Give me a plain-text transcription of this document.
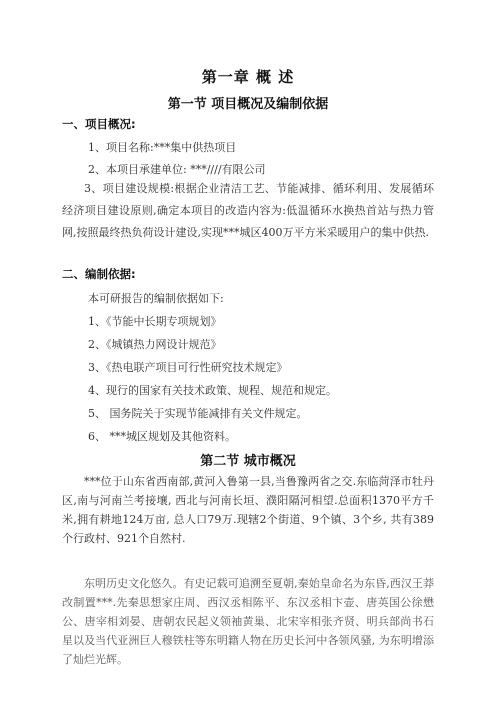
第一章 概 述
第一节 项目概况及编制依据
一、项目概况:
1、项目名称:***集中供热项目
2、本项目承建单位: ***////有限公司

3、项目建设规模:根据企业清洁工艺、节能减排、循环利用、发展循环经济项目建设原则,确定本项目的改造内容为:低温循环水换热首站与热力管网,按照最终热负荷设计建设,实现***城区400万平方米采暖用户的集中供热.

二、编制依据:
本可研报告的编制依据如下:
1、《节能中长期专项规划》
2、《城镇热力网设计规范》
3、《热电联产项目可行性研究技术规定》
4、现行的国家有关技术政策、规程、规范和规定。
5、 国务院关于实现节能减排有关文件规定。
6、 ***城区规划及其他资料。
第二节 城市概况

***位于山东省西南部,黄河入鲁第一县,当鲁豫两省之交.东临菏泽市牡丹区,南与河南兰考接壤, 西北与河南长垣、濮阳隔河相望.总面积1370平方千米,拥有耕地124万亩, 总人口79万.现辖2个街道、9个镇、3个乡, 共有389个行政村、921个自然村.

东明历史文化悠久。有史记载可追溯至夏朝,秦始皇命名为东昏,西汉王莽改制置***.先秦思想家庄周、西汉丞相陈平、东汉丞相卞壶、唐英国公徐懋公、唐宰相刘晏、唐朝农民起义领袖黄巢、北宋宰相张齐贤、明兵部尚书石星以及当代亚洲巨人穆铁柱等东明籍人物在历史长河中各领风骚, 为东明增添了灿烂光辉。
